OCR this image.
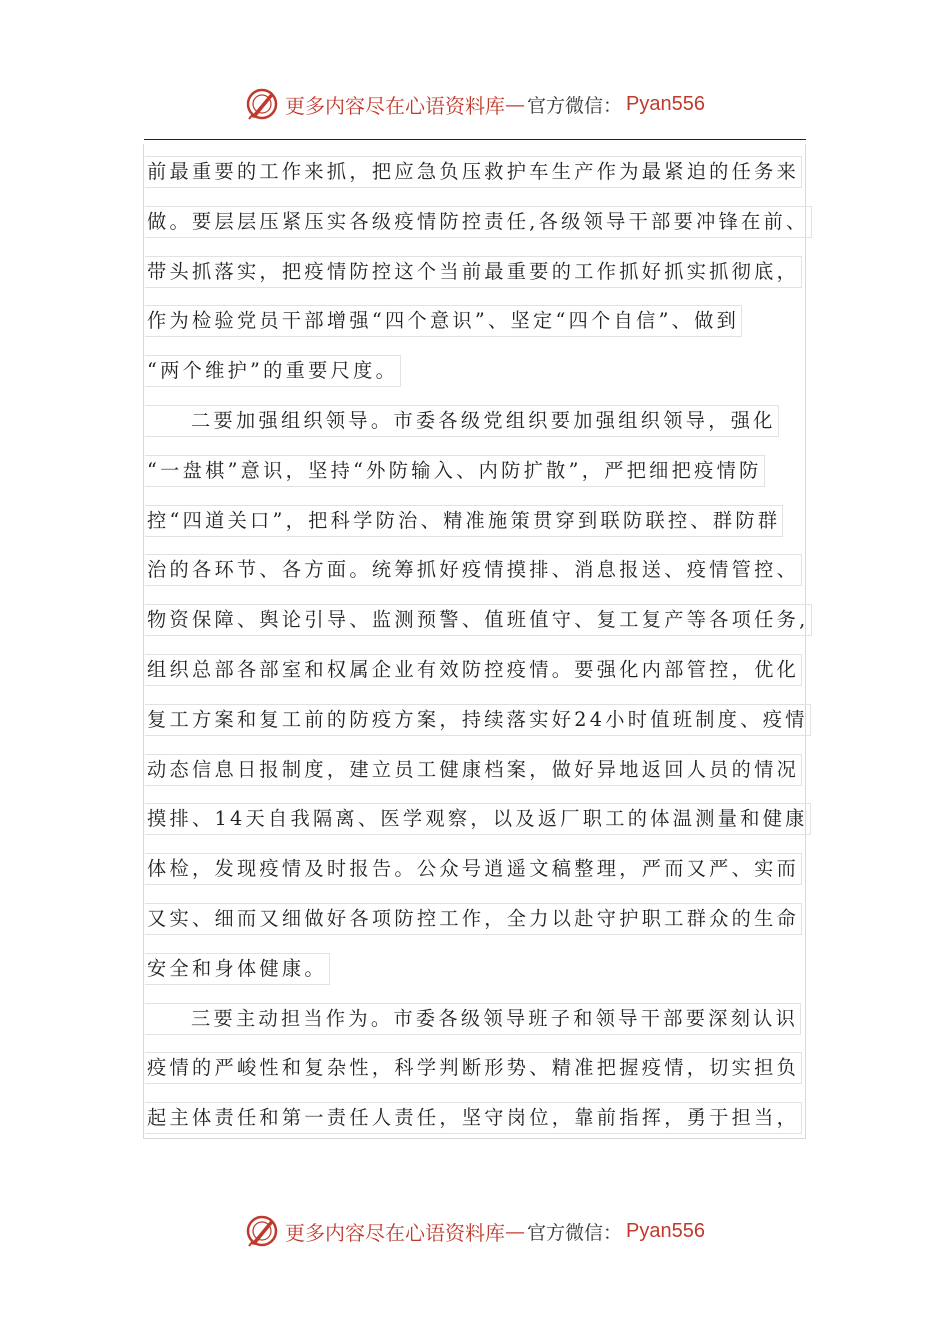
更多内容尽在心语资料库 — 官方微信： Pyan556
前最重要的工作来抓，把应急负压救护车生产作为最紧迫的任务来
做。要层层压紧压实各级疫情防控责任,各级领导干部要冲锋在前、
带头抓落实，把疫情防控这个当前最重要的工作抓好抓实抓彻底，
作为检验党员干部增强“四个意识”、坚定“四个自信”、做到
“两个维护”的重要尺度。
二要加强组织领导。市委各级党组织要加强组织领导，强化
“一盘棋”意识，坚持“外防输入、内防扩散”，严把细把疫情防
控“四道关口”，把科学防治、精准施策贯穿到联防联控、群防群
治的各环节、各方面。统筹抓好疫情摸排、消息报送、疫情管控、
物资保障、舆论引导、监测预警、值班值守、复工复产等各项任务,
组织总部各部室和权属企业有效防控疫情。要强化内部管控，优化
复工方案和复工前的防疫方案，持续落实好24小时值班制度、疫情
动态信息日报制度，建立员工健康档案，做好异地返回人员的情况
摸排、14天自我隔离、医学观察，以及返厂职工的体温测量和健康
体检，发现疫情及时报告。公众号逍遥文稿整理，严而又严、实而
又实、细而又细做好各项防控工作，全力以赴守护职工群众的生命
安全和身体健康。
三要主动担当作为。市委各级领导班子和领导干部要深刻认识
疫情的严峻性和复杂性，科学判断形势、精准把握疫情，切实担负
起主体责任和第一责任人责任，坚守岗位，靠前指挥，勇于担当，
更多内容尽在心语资料库 — 官方微信： Pyan556
